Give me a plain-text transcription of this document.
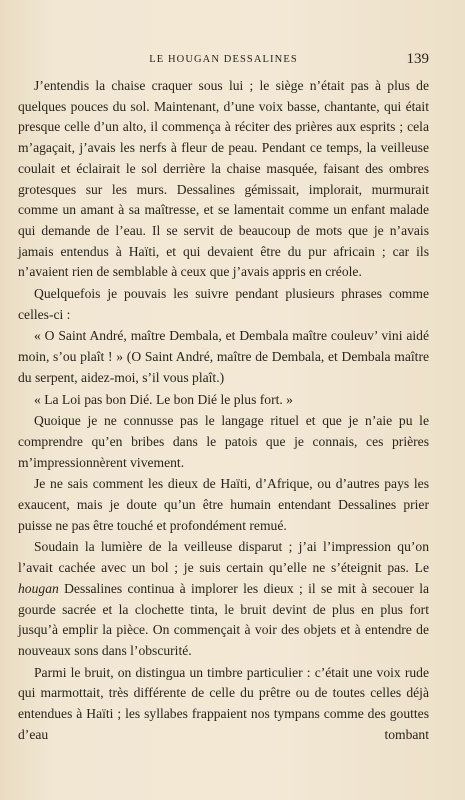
LE HOUGAN DESSALINES	139

J’entendis la chaise craquer sous lui ; le siège n’était pas à plus de quelques pouces du sol. Maintenant, d’une voix basse, chantante, qui était presque celle d’un alto, il commença à réciter des prières aux esprits ; cela m’agaçait, j’avais les nerfs à fleur de peau. Pendant ce temps, la veilleuse coulait et éclairait le sol derrière la chaise masquée, faisant des ombres grotesques sur les murs. Dessalines gémissait, implorait, murmurait comme un amant à sa maîtresse, et se lamentait comme un enfant malade qui demande de l’eau. Il se servit de beaucoup de mots que je n’avais jamais entendus à Haïti, et qui devaient être du pur africain ; car ils n’avaient rien de semblable à ceux que j’avais appris en créole.

Quelquefois je pouvais les suivre pendant plusieurs phrases comme celles-ci :

« O Saint André, maître Dembala, et Dembala maître couleuv’ vini aidé moin, s’ou plaît ! » (O Saint André, maître de Dembala, et Dembala maître du serpent, aidez-moi, s’il vous plaît.)

« La Loi pas bon Dié. Le bon Dié le plus fort. »

Quoique je ne connusse pas le langage rituel et que je n’aie pu le comprendre qu’en bribes dans le patois que je connais, ces prières m’impressionnèrent vivement.

Je ne sais comment les dieux de Haïti, d’Afrique, ou d’autres pays les exaucent, mais je doute qu’un être humain entendant Dessalines prier puisse ne pas être touché et profondément remué.

Soudain la lumière de la veilleuse disparut ; j’ai l’impression qu’on l’avait cachée avec un bol ; je suis certain qu’elle ne s’éteignit pas. Le hougan Dessalines continua à implorer les dieux ; il se mit à secouer la gourde sacrée et la clochette tinta, le bruit devint de plus en plus fort jusqu’à emplir la pièce. On commençait à voir des objets et à entendre de nouveaux sons dans l’obscurité.

Parmi le bruit, on distingua un timbre particulier : c’était une voix rude qui marmottait, très différente de celle du prêtre ou de toutes celles déjà entendues à Haïti ; les syllabes frappaient nos tympans comme des gouttes d’eau tombant
